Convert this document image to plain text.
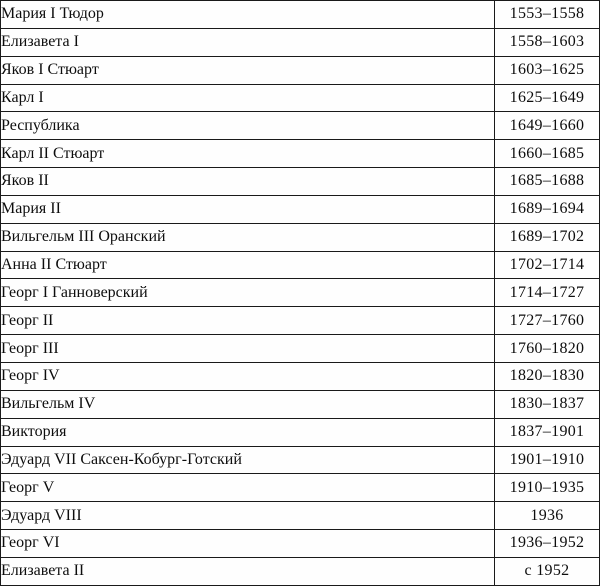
Мария I Тюдор	1553–1558
Елизавета I	1558–1603
Яков I Стюарт	1603–1625
Карл I	1625–1649
Республика	1649–1660
Карл II Стюарт	1660–1685
Яков II	1685–1688
Мария II	1689–1694
Вильгельм III Оранский	1689–1702
Анна II Стюарт	1702–1714
Георг I Ганноверский	1714–1727
Георг II	1727–1760
Георг III	1760–1820
Георг IV	1820–1830
Вильгельм IV	1830–1837
Виктория	1837–1901
Эдуард VII Саксен-Кобург-Готский	1901–1910
Георг V	1910–1935
Эдуард VIII	1936
Георг VI	1936–1952
Елизавета II	с 1952
